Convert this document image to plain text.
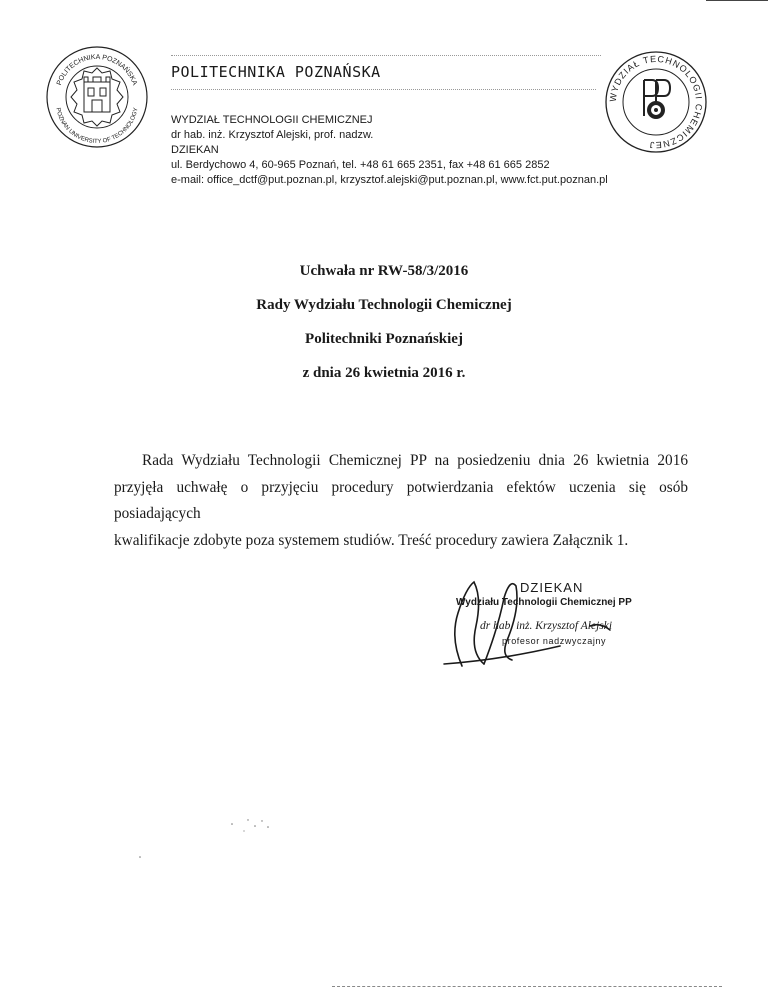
POLITECHNIKA POZNAŃSKA
POZNAN UNIVERSITY OF TECHNOLOGY
POLITECHNIKA POZNAŃSKA
WYDZIAŁ TECHNOLOGII CHEMICZNEJ
WYDZIAŁ TECHNOLOGII CHEMICZNEJ
dr hab. inż. Krzysztof Alejski, prof. nadzw.
DZIEKAN
ul. Berdychowo 4, 60-965 Poznań, tel. +48 61 665 2351, fax +48 61 665 2852
e-mail: office_dctf@put.poznan.pl, krzysztof.alejski@put.poznan.pl, www.fct.put.poznan.pl
Uchwała nr RW-58/3/2016
Rady Wydziału Technologii Chemicznej
Politechniki Poznańskiej
z dnia 26 kwietnia 2016 r.
Rada Wydziału Technologii Chemicznej PP na posiedzeniu dnia 26 kwietnia 2016
przyjęła uchwałę o przyjęciu procedury potwierdzania efektów uczenia się osób posiadających
kwalifikacje zdobyte poza systemem studiów. Treść procedury zawiera Załącznik 1.
DZIEKAN
Wydziału Technologii Chemicznej PP
dr hab. inż. Krzysztof Alejski
profesor nadzwyczajny
